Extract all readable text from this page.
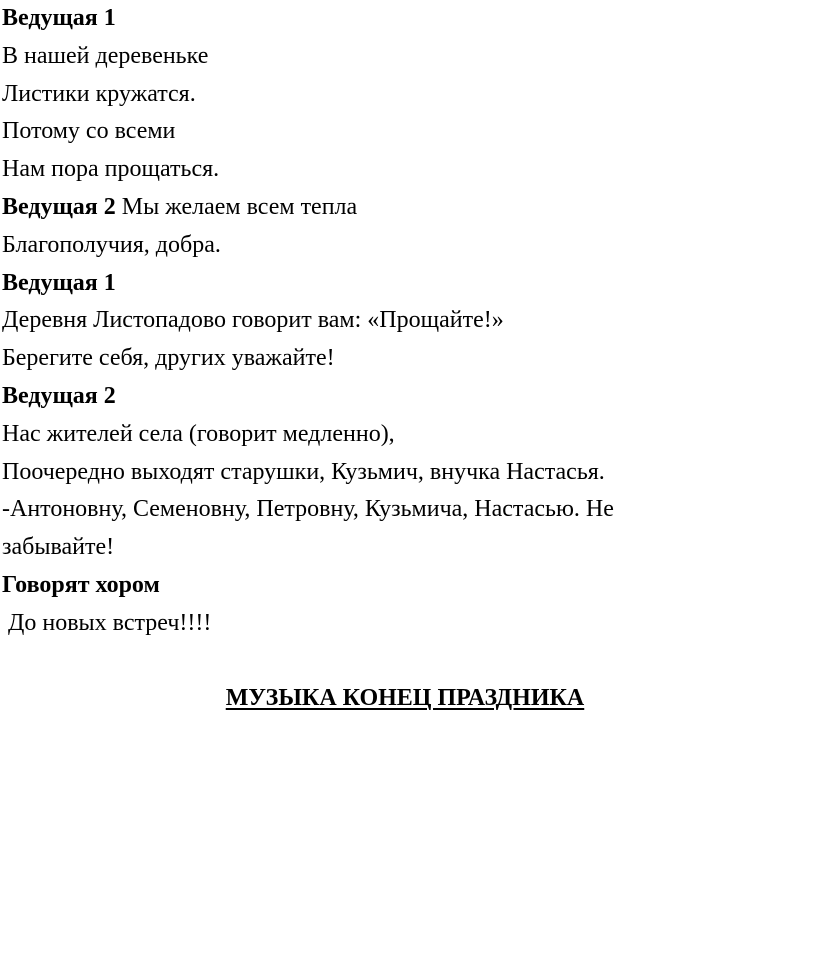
Ведущая 1
В нашей деревеньке
Листики кружатся.
Потому со всеми
Нам пора прощаться.
Ведущая 2 Мы желаем всем тепла
Благополучия, добра.
Ведущая 1
Деревня Листопадово говорит вам: «Прощайте!»
Берегите себя, других уважайте!
Ведущая 2
Нас жителей села (говорит медленно),
Поочередно выходят старушки, Кузьмич, внучка Настасья.
-Антоновну, Семеновну, Петровну, Кузьмича, Настасью. Не
забывайте!
Говорят хором
До новых встреч!!!!
МУЗЫКА КОНЕЦ ПРАЗДНИКА
